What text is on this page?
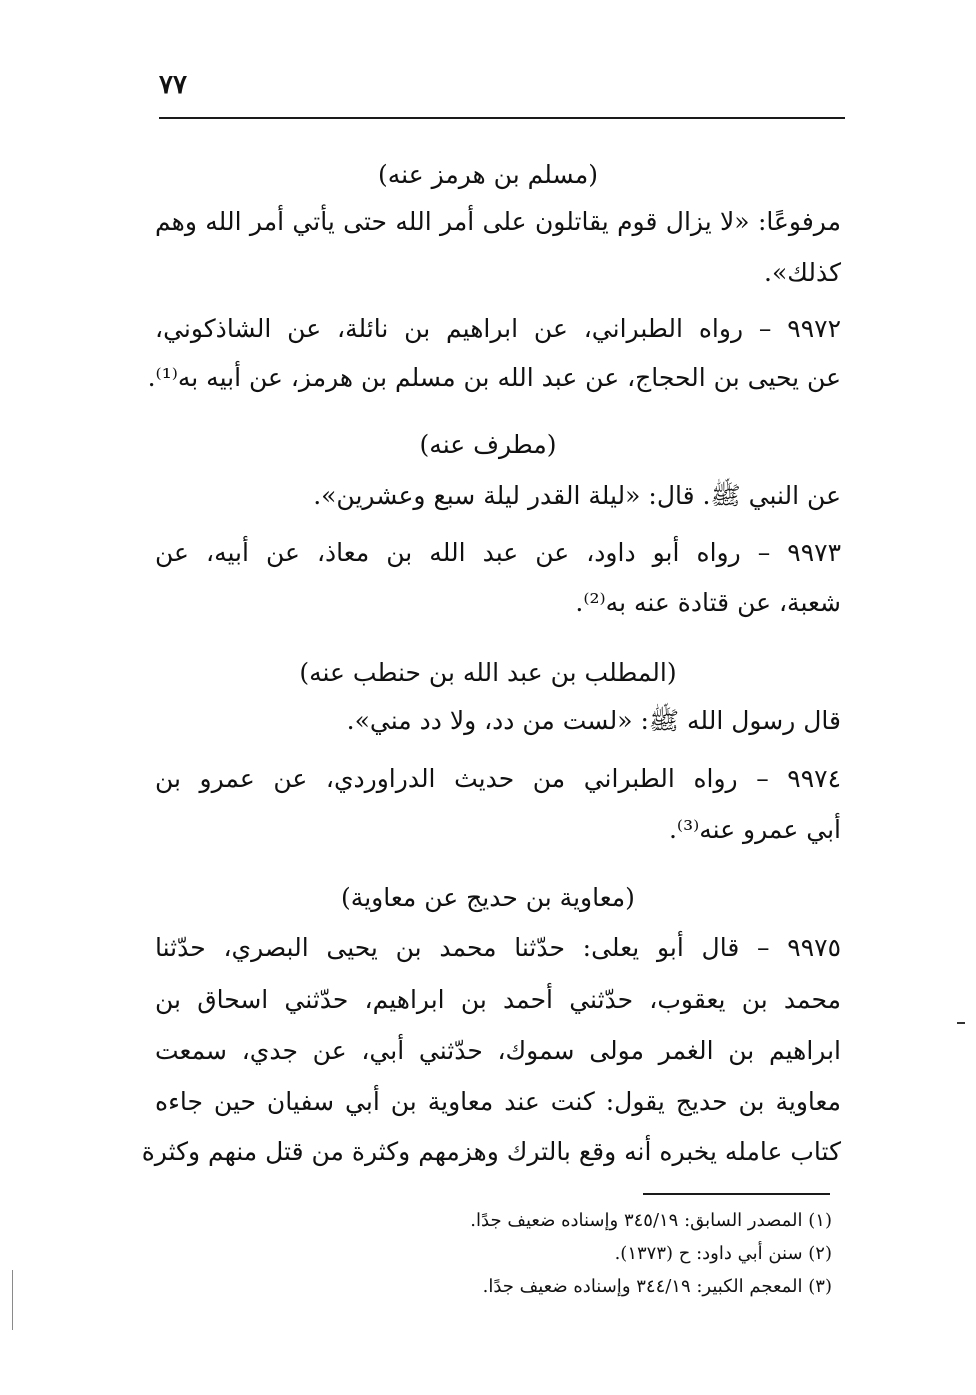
٧٧
(مسلم بن هرمز عنه)
مرفوعًا: «لا يزال قوم يقاتلون على أمر الله حتى يأتي أمر الله وهم
كذلك».
٩٩٧٢ – رواه الطبراني، عن ابراهيم بن نائلة، عن الشاذكوني،
عن يحيى بن الحجاج، عن عبد الله بن مسلم بن هرمز، عن أبيه به⁽¹⁾.
(مطرف عنه)
عن النبي ﷺ. قال: «ليلة القدر ليلة سبع وعشرين».
٩٩٧٣ – رواه أبو داود، عن عبد الله بن معاذ، عن أبيه، عن
شعبة، عن قتادة عنه به⁽²⁾.
(المطلب بن عبد الله بن حنطب عنه)
قال رسول الله ﷺ: «لست من دد، ولا دد مني».
٩٩٧٤ – رواه الطبراني من حديث الدراوردي، عن عمرو بن
أبي عمرو عنه⁽³⁾.
(معاوية بن حديج عن معاوية)
٩٩٧٥ – قال أبو يعلى: حدّثنا محمد بن يحيى البصري، حدّثنا
محمد بن يعقوب، حدّثني أحمد بن ابراهيم، حدّثني اسحاق بن
ابراهيم بن الغمر مولى سموك، حدّثني أبي، عن جدي، سمعت
معاوية بن حديج يقول: كنت عند معاوية بن أبي سفيان حين جاءه
كتاب عامله يخبره أنه وقع بالترك وهزمهم وكثرة من قتل منهم وكثرة
(١) المصدر السابق: ٣٤٥/١٩ وإسناده ضعيف جدًا.
(٢) سنن أبي داود: ح (١٣٧٣).
(٣) المعجم الكبير: ٣٤٤/١٩ وإسناده ضعيف جدًا.
